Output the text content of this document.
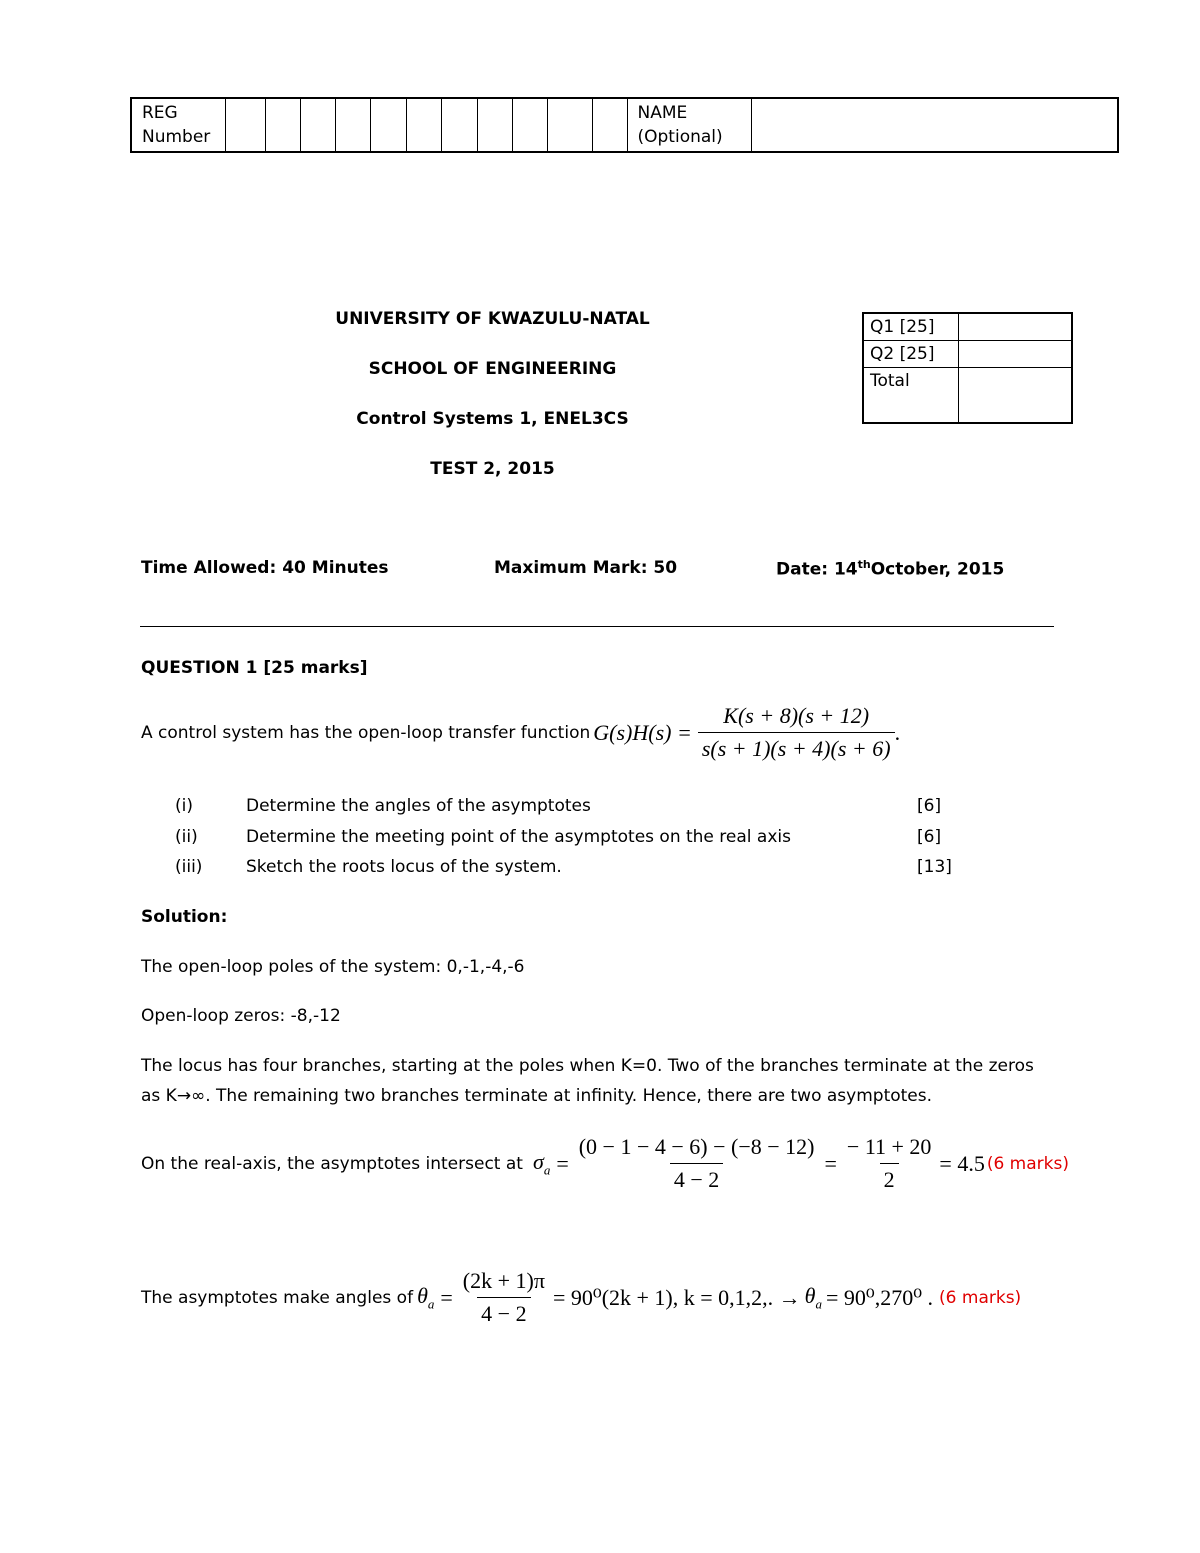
REG
Number												NAME
(Optional)	
UNIVERSITY OF KWAZULU-NATAL
SCHOOL OF ENGINEERING
Control Systems 1, ENEL3CS
TEST 2, 2015
Q1 [25]	
Q2 [25]	
Total	
Time Allowed: 40 Minutes	Maximum Mark: 50	Date: 14thOctober, 2015
QUESTION 1 [25 marks]
A control system has the open-loop transfer function $G(s)H(s) = \frac{K(s + 8)(s + 12)}{s(s + 1)(s + 4)(s + 6)}$ .
(i)	Determine the angles of the asymptotes	[6]
(ii)	Determine the meeting point of the asymptotes on the real axis	[6]
(iii)	Sketch the roots locus of the system.	[13]
Solution:
The open-loop poles of the system: 0,-1,-4,-6
Open-loop zeros: -8,-12
The locus has four branches, starting at the poles when K=0. Two of the branches terminate at the zeros
as K→∞. The remaining two branches terminate at infinity. Hence, there are two asymptotes.
On the real-axis, the asymptotes intersect at $\sigma_a = \frac{(0 - 1 - 4 - 6) - (-8 - 12)}{4 - 2} = \frac{- 11 + 20}{2} = 4.5$ (6 marks)
The asymptotes make angles of $\theta_a = \frac{(2k + 1)\pi}{4 - 2} = 90^0(2k + 1)$, k = 0,1,2,. → $\theta_a = 90^0,270^0$ . (6 marks)
